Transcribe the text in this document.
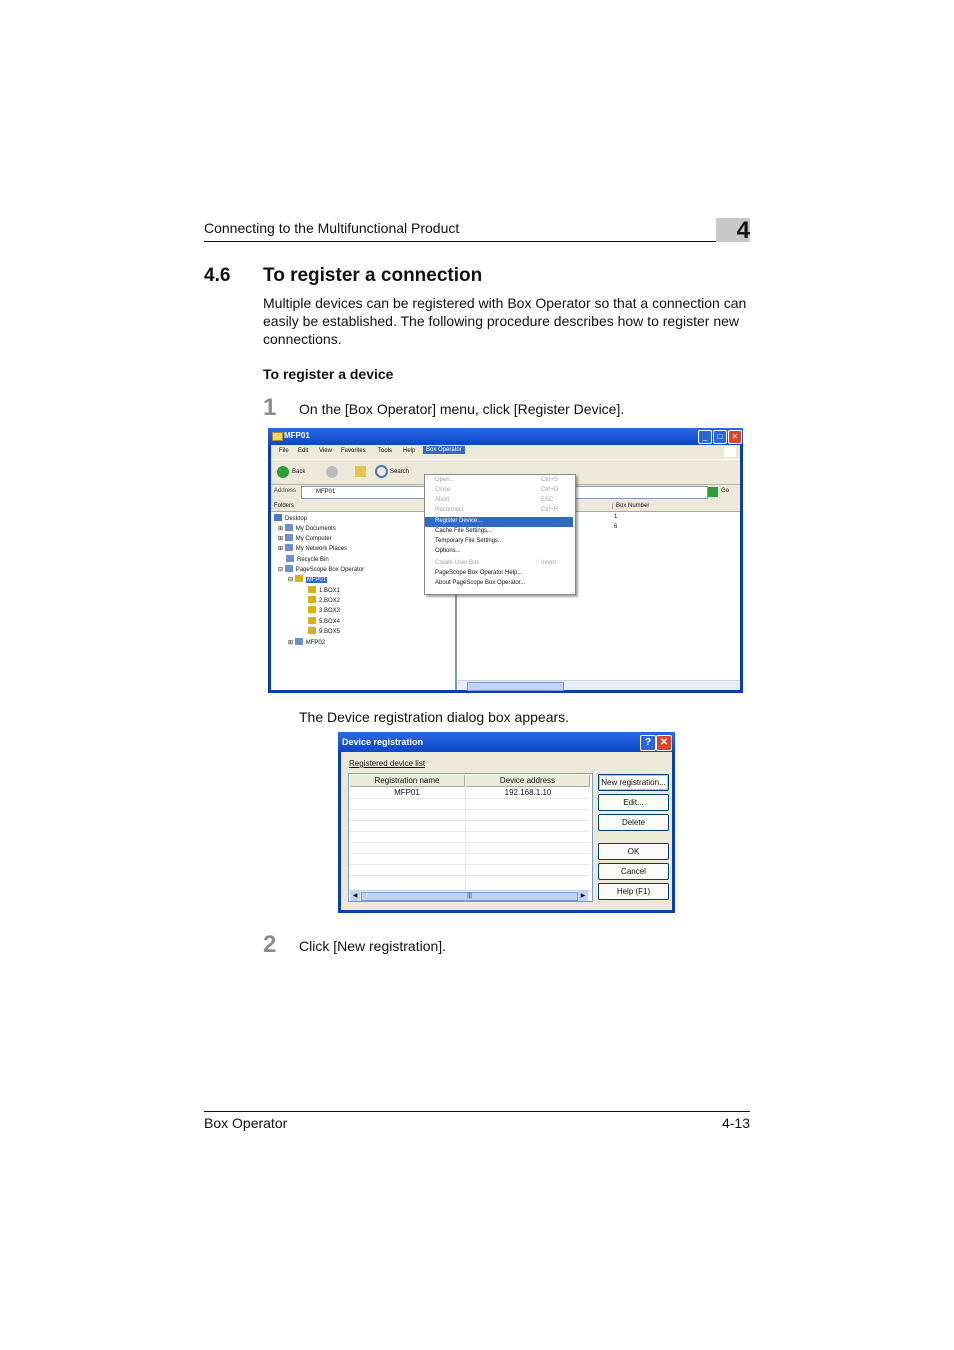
Connecting to the Multifunctional Product	4
4.6 To register a connection
Multiple devices can be registered with Box Operator so that a connection can easily be established. The following procedure describes how to register new connections.
To register a device
1 On the [Box Operator] menu, click [Register Device].
MFP01	_	□	✕
File Edit View Favorites Tools Help	Box Operator
Back	Search
Address	MFP01	Go
Folders
Desktop
⊞ My Documents
⊞ My Computer
⊞ My Network Places
Recycle Bin
⊟ PageScope Box Operator
⊟ MFP01
1.BOX1
2.BOX2
3.BOX3
5.BOX4
9.BOX5
⊞ MFP02
Box Number
1
6
Open...	Ctrl+S
Close	Ctrl+D
Abort	ESC
Reconnect	Ctrl+R
Register Device...
Cache File Settings...
Temporary File Settings...
Options...
Create User Box	Insert
PageScope Box Operator Help...
About PageScope Box Operator...
The Device registration dialog box appears.
Device registration	? ✕
Registered device list
Registration name	Device address
MFP01	192.168.1.10
◀	|||	▶
New registration...
Edit...
Delete
OK
Cancel
Help (F1)
2 Click [New registration].
Box Operator	4-13
